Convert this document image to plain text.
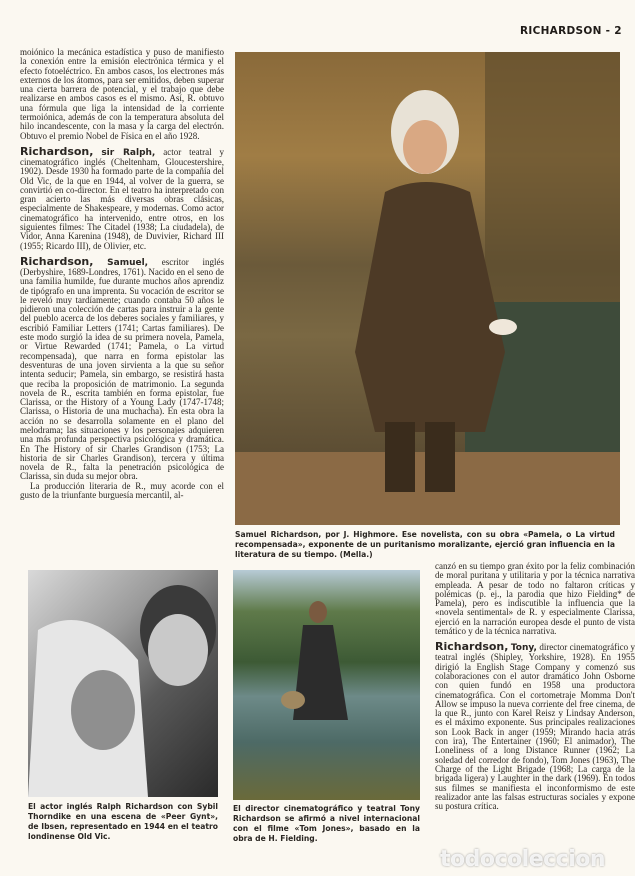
RICHARDSON - 2

moiónico la mecánica estadística y puso de manifiesto la conexión entre la emisión electrónica térmica y el efecto fotoeléctrico. En ambos casos, los electrones más externos de los átomos, para ser emitidos, deben superar una cierta barrera de potencial, y el trabajo que debe realizarse en ambos casos es el mismo. Así, R. obtuvo una fórmula que liga la intensidad de la corriente termoiónica, además de con la temperatura absoluta del hilo incandescente, con la masa y la carga del electrón. Obtuvo el premio Nobel de Física en el año 1928.

Richardson, sir Ralph, actor teatral y cinematográfico inglés (Cheltenham, Gloucestershire, 1902). Desde 1930 ha formado parte de la compañía del Old Vic, de la que en 1944, al volver de la guerra, se convirtió en co-director. En el teatro ha interpretado con gran acierto las más diversas obras clásicas, especialmente de Shakespeare, y modernas. Como actor cinematográfico ha intervenido, entre otros, en los siguientes filmes: The Citadel (1938; La ciudadela), de Vidor, Anna Karenina (1948), de Duvivier, Richard III (1955; Ricardo III), de Olivier, etc.

Richardson, Samuel, escritor inglés (Derbyshire, 1689-Londres, 1761). Nacido en el seno de una familia humilde, fue durante muchos años aprendiz de tipógrafo en una imprenta. Su vocación de escritor se le reveló muy tardíamente; cuando contaba 50 años le pidieron una colección de cartas para instruir a la gente del pueblo acerca de los deberes sociales y familiares, y escribió Familiar Letters (1741; Cartas familiares). De este modo surgió la idea de su primera novela, Pamela, or Virtue Rewarded (1741; Pamela, o La virtud recompensada), que narra en forma epistolar las desventuras de una joven sirvienta a la que su señor intenta seducir; Pamela, sin embargo, se resistirá hasta que reciba la proposición de matrimonio. La segunda novela de R., escrita también en forma epistolar, fue Clarissa, or the History of a Young Lady (1747-1748; Clarissa, o Historia de una muchacha). En esta obra la acción no se desarrolla solamente en el plano del melodrama; las situaciones y los personajes adquieren una más profunda perspectiva psicológica y dramática. En The History of sir Charles Grandison (1753; La historia de sir Charles Grandison), tercera y última novela de R., falta la penetración psicológica de Clarissa, sin duda su mejor obra.

La producción literaria de R., muy acorde con el gusto de la triunfante burguesía mercantil, al-

Samuel Richardson, por J. Highmore. Ese novelista, con su obra «Pamela, o La virtud recompensada», exponente de un puritanismo moralizante, ejerció gran influencia en la literatura de su tiempo. (Mella.)
El actor inglés Ralph Richardson con Sybil Thorndike en una escena de «Peer Gynt», de Ibsen, representado en 1944 en el teatro londinense Old Vic.
El director cinematográfico y teatral Tony Richardson se afirmó a nivel internacional con el filme «Tom Jones», basado en la obra de H. Fielding.

canzó en su tiempo gran éxito por la feliz combinación de moral puritana y utilitaria y por la técnica narrativa empleada. A pesar de todo no faltaron críticas y polémicas (p. ej., la parodia que hizo Fielding* de Pamela), pero es indiscutible la influencia que la «novela sentimental» de R. y especialmente Clarissa, ejerció en la narración europea desde el punto de vista temático y de la técnica narrativa.

Richardson, Tony, director cinematográfico y teatral inglés (Shipley, Yorkshire, 1928). En 1955 dirigió la English Stage Company y comenzó sus colaboraciones con el autor dramático John Osborne con quien fundó en 1958 una productora cinematográfica. Con el cortometraje Momma Don't Allow se impuso la nueva corriente del free cinema, de la que R., junto con Karel Reisz y Lindsay Anderson, es el máximo exponente. Sus principales realizaciones son Look Back in anger (1959; Mirando hacia atrás con ira), The Entertainer (1960; El animador), The Loneliness of a long Distance Runner (1962; La soledad del corredor de fondo), Tom Jones (1963), The Charge of the Light Brigade (1968; La carga de la brigada ligera) y Laughter in the dark (1969). En todos sus filmes se manifiesta el inconformismo de este realizador ante las falsas estructuras sociales y expone su postura crítica.

todocoleccion
